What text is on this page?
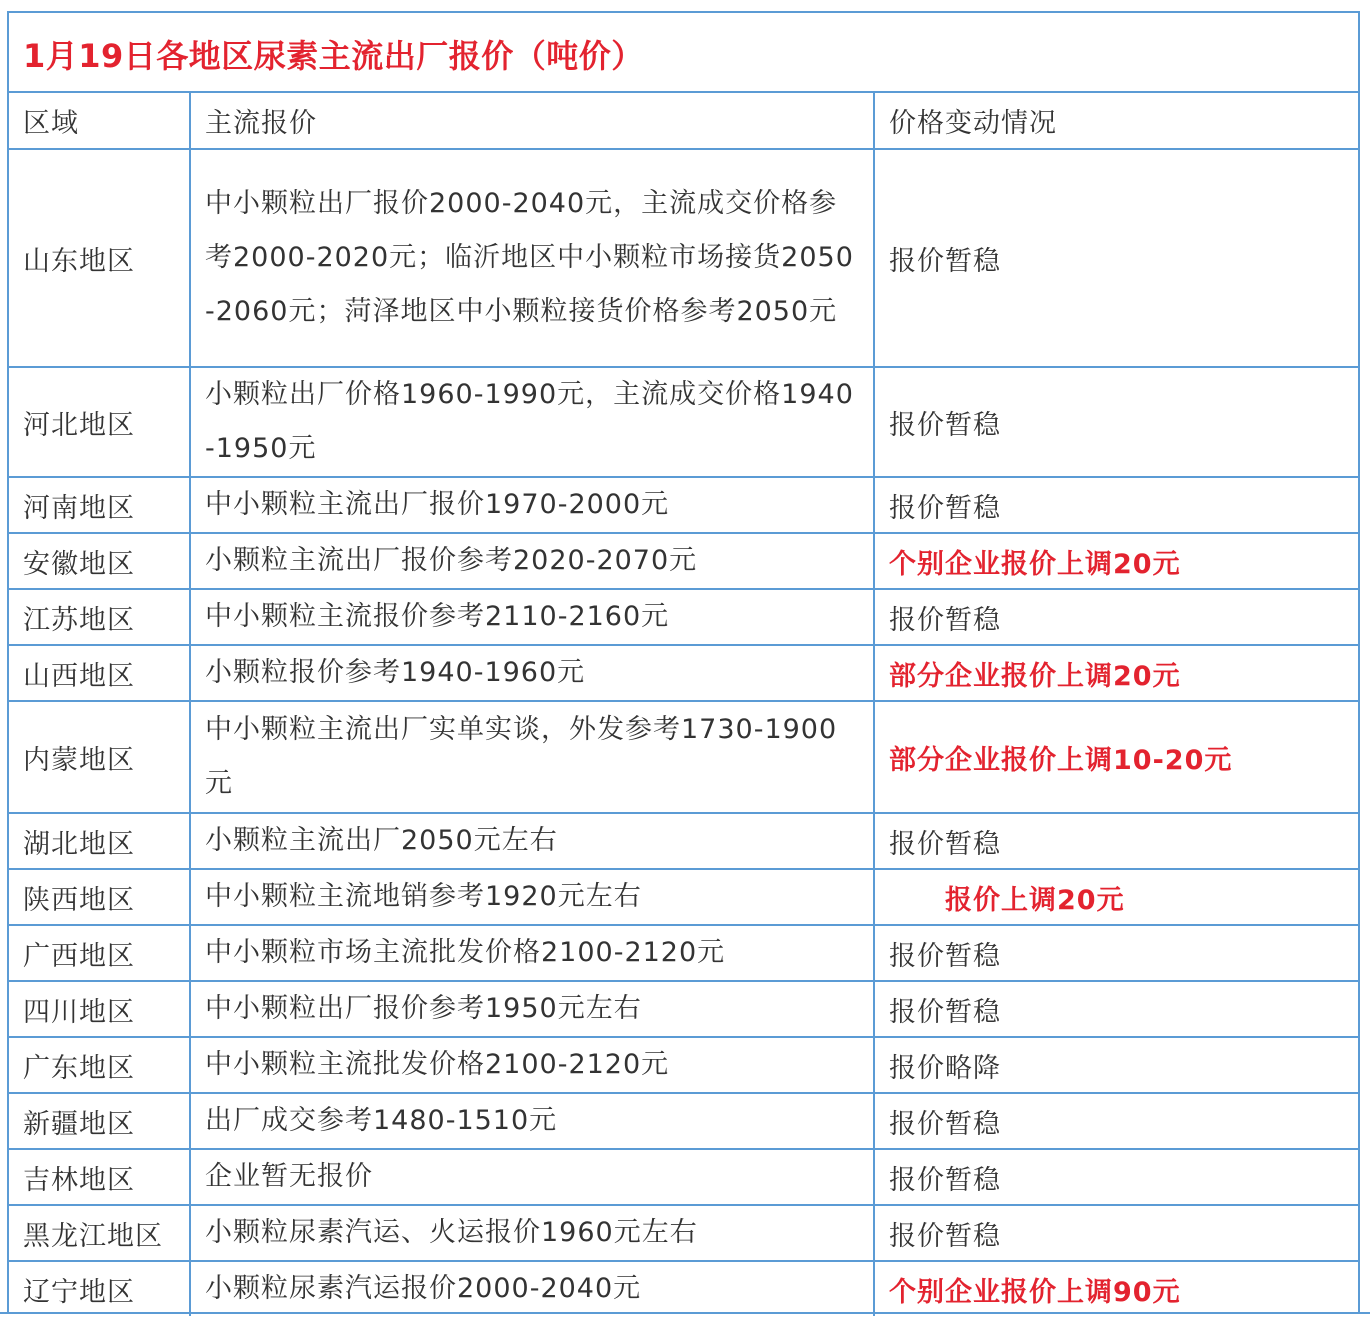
1月19日各地区尿素主流出厂报价（吨价）
区域	主流报价	价格变动情况
山东地区	中小颗粒出厂报价2000-2040元，主流成交价格参考2000-2020元；临沂地区中小颗粒市场接货2050-2060元；菏泽地区中小颗粒接货价格参考2050元	报价暂稳
河北地区	小颗粒出厂价格1960-1990元，主流成交价格1940-1950元	报价暂稳
河南地区	中小颗粒主流出厂报价1970-2000元	报价暂稳
安徽地区	小颗粒主流出厂报价参考2020-2070元	个别企业报价上调20元
江苏地区	中小颗粒主流报价参考2110-2160元	报价暂稳
山西地区	小颗粒报价参考1940-1960元	部分企业报价上调20元
内蒙地区	中小颗粒主流出厂实单实谈，外发参考1730-1900元	部分企业报价上调10-20元
湖北地区	小颗粒主流出厂2050元左右	报价暂稳
陕西地区	中小颗粒主流地销参考1920元左右	报价上调20元
广西地区	中小颗粒市场主流批发价格2100-2120元	报价暂稳
四川地区	中小颗粒出厂报价参考1950元左右	报价暂稳
广东地区	中小颗粒主流批发价格2100-2120元	报价略降
新疆地区	出厂成交参考1480-1510元	报价暂稳
吉林地区	企业暂无报价	报价暂稳
黑龙江地区	小颗粒尿素汽运、火运报价1960元左右	报价暂稳
辽宁地区	小颗粒尿素汽运报价2000-2040元	个别企业报价上调90元
